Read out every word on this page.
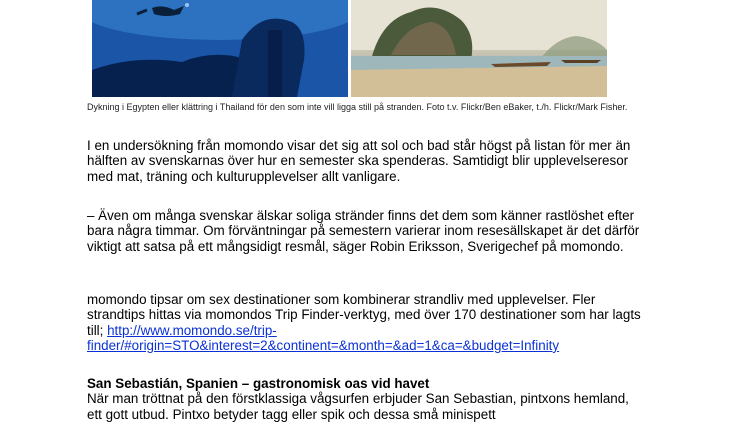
Dykning i Egypten eller klättring i Thailand för den som inte vill ligga still på stranden. Foto t.v. Flickr/Ben eBaker, t./h. Flickr/Mark Fisher.

I en undersökning från momondo visar det sig att sol och bad står högst på listan för mer än hälften av svenskarnas över hur en semester ska spenderas. Samtidigt blir upplevelseresor med mat, träning och kulturupplevelser allt vanligare.

– Även om många svenskar älskar soliga stränder finns det dem som känner rastlöshet efter bara några timmar. Om förväntningar på semestern varierar inom resesällskapet är det därför viktigt att satsa på ett mångsidigt resmål, säger Robin Eriksson, Sverigechef på momondo.

momondo tipsar om sex destinationer som kombinerar strandliv med upplevelser. Fler strandtips hittas via momondos Trip Finder-verktyg, med över 170 destinationer som har lagts till; http://www.momondo.se/trip-finder/#origin=STO&interest=2&continent=&month=&ad=1&ca=&budget=Infinity

San Sebastián, Spanien – gastronomisk oas vid havet
När man tröttnat på den förstklassiga vågsurfen erbjuder San Sebastian, pintxons hemland, ett gott utbud. Pintxo betyder tagg eller spik och dessa små minispett
